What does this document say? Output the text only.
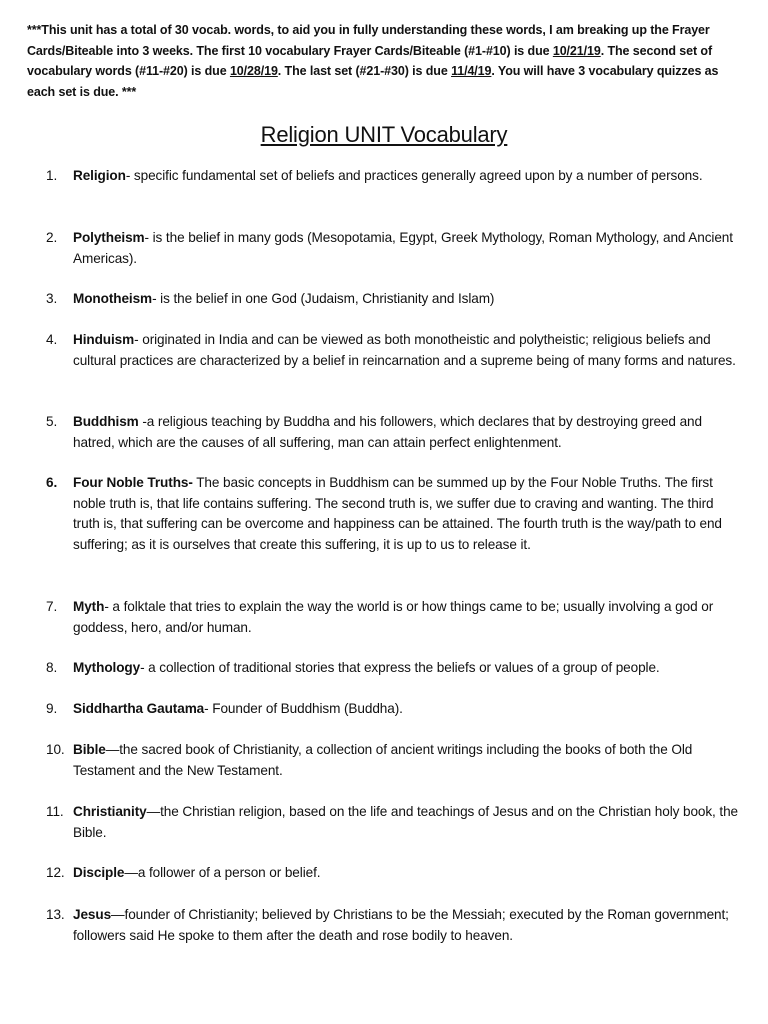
***This unit has a total of 30 vocab. words, to aid you in fully understanding these words, I am breaking up the Frayer Cards/Biteable into 3 weeks. The first 10 vocabulary Frayer Cards/Biteable (#1-#10) is due 10/21/19. The second set of vocabulary words (#11-#20) is due 10/28/19. The last set (#21-#30) is due 11/4/19. You will have 3 vocabulary quizzes as each set is due. ***
Religion UNIT Vocabulary
1.	Religion- specific fundamental set of beliefs and practices generally agreed upon by a number of persons.
2.	Polytheism- is the belief in many gods (Mesopotamia, Egypt, Greek Mythology, Roman Mythology, and Ancient Americas).
3.	Monotheism- is the belief in one God (Judaism, Christianity and Islam)
4.	Hinduism- originated in India and can be viewed as both monotheistic and polytheistic; religious beliefs and cultural practices are characterized by a belief in reincarnation and a supreme being of many forms and natures.
5.	Buddhism -a religious teaching by Buddha and his followers, which declares that by destroying greed and hatred, which are the causes of all suffering, man can attain perfect enlightenment.
6.	Four Noble Truths- The basic concepts in Buddhism can be summed up by the Four Noble Truths. The first noble truth is, that life contains suffering. The second truth is, we suffer due to craving and wanting. The third truth is, that suffering can be overcome and happiness can be attained. The fourth truth is the way/path to end suffering; as it is ourselves that create this suffering, it is up to us to release it.
7.	Myth- a folktale that tries to explain the way the world is or how things came to be; usually involving a god or goddess, hero, and/or human.
8.	Mythology- a collection of traditional stories that express the beliefs or values of a group of people.
9.	Siddhartha Gautama- Founder of Buddhism (Buddha).
10. Bible—the sacred book of Christianity, a collection of ancient writings including the books of both the Old Testament and the New Testament.
11. Christianity—the Christian religion, based on the life and teachings of Jesus and on the Christian holy book, the Bible.
12. Disciple—a follower of a person or belief.
13. Jesus—founder of Christianity; believed by Christians to be the Messiah; executed by the Roman government; followers said He spoke to them after the death and rose bodily to heaven.
